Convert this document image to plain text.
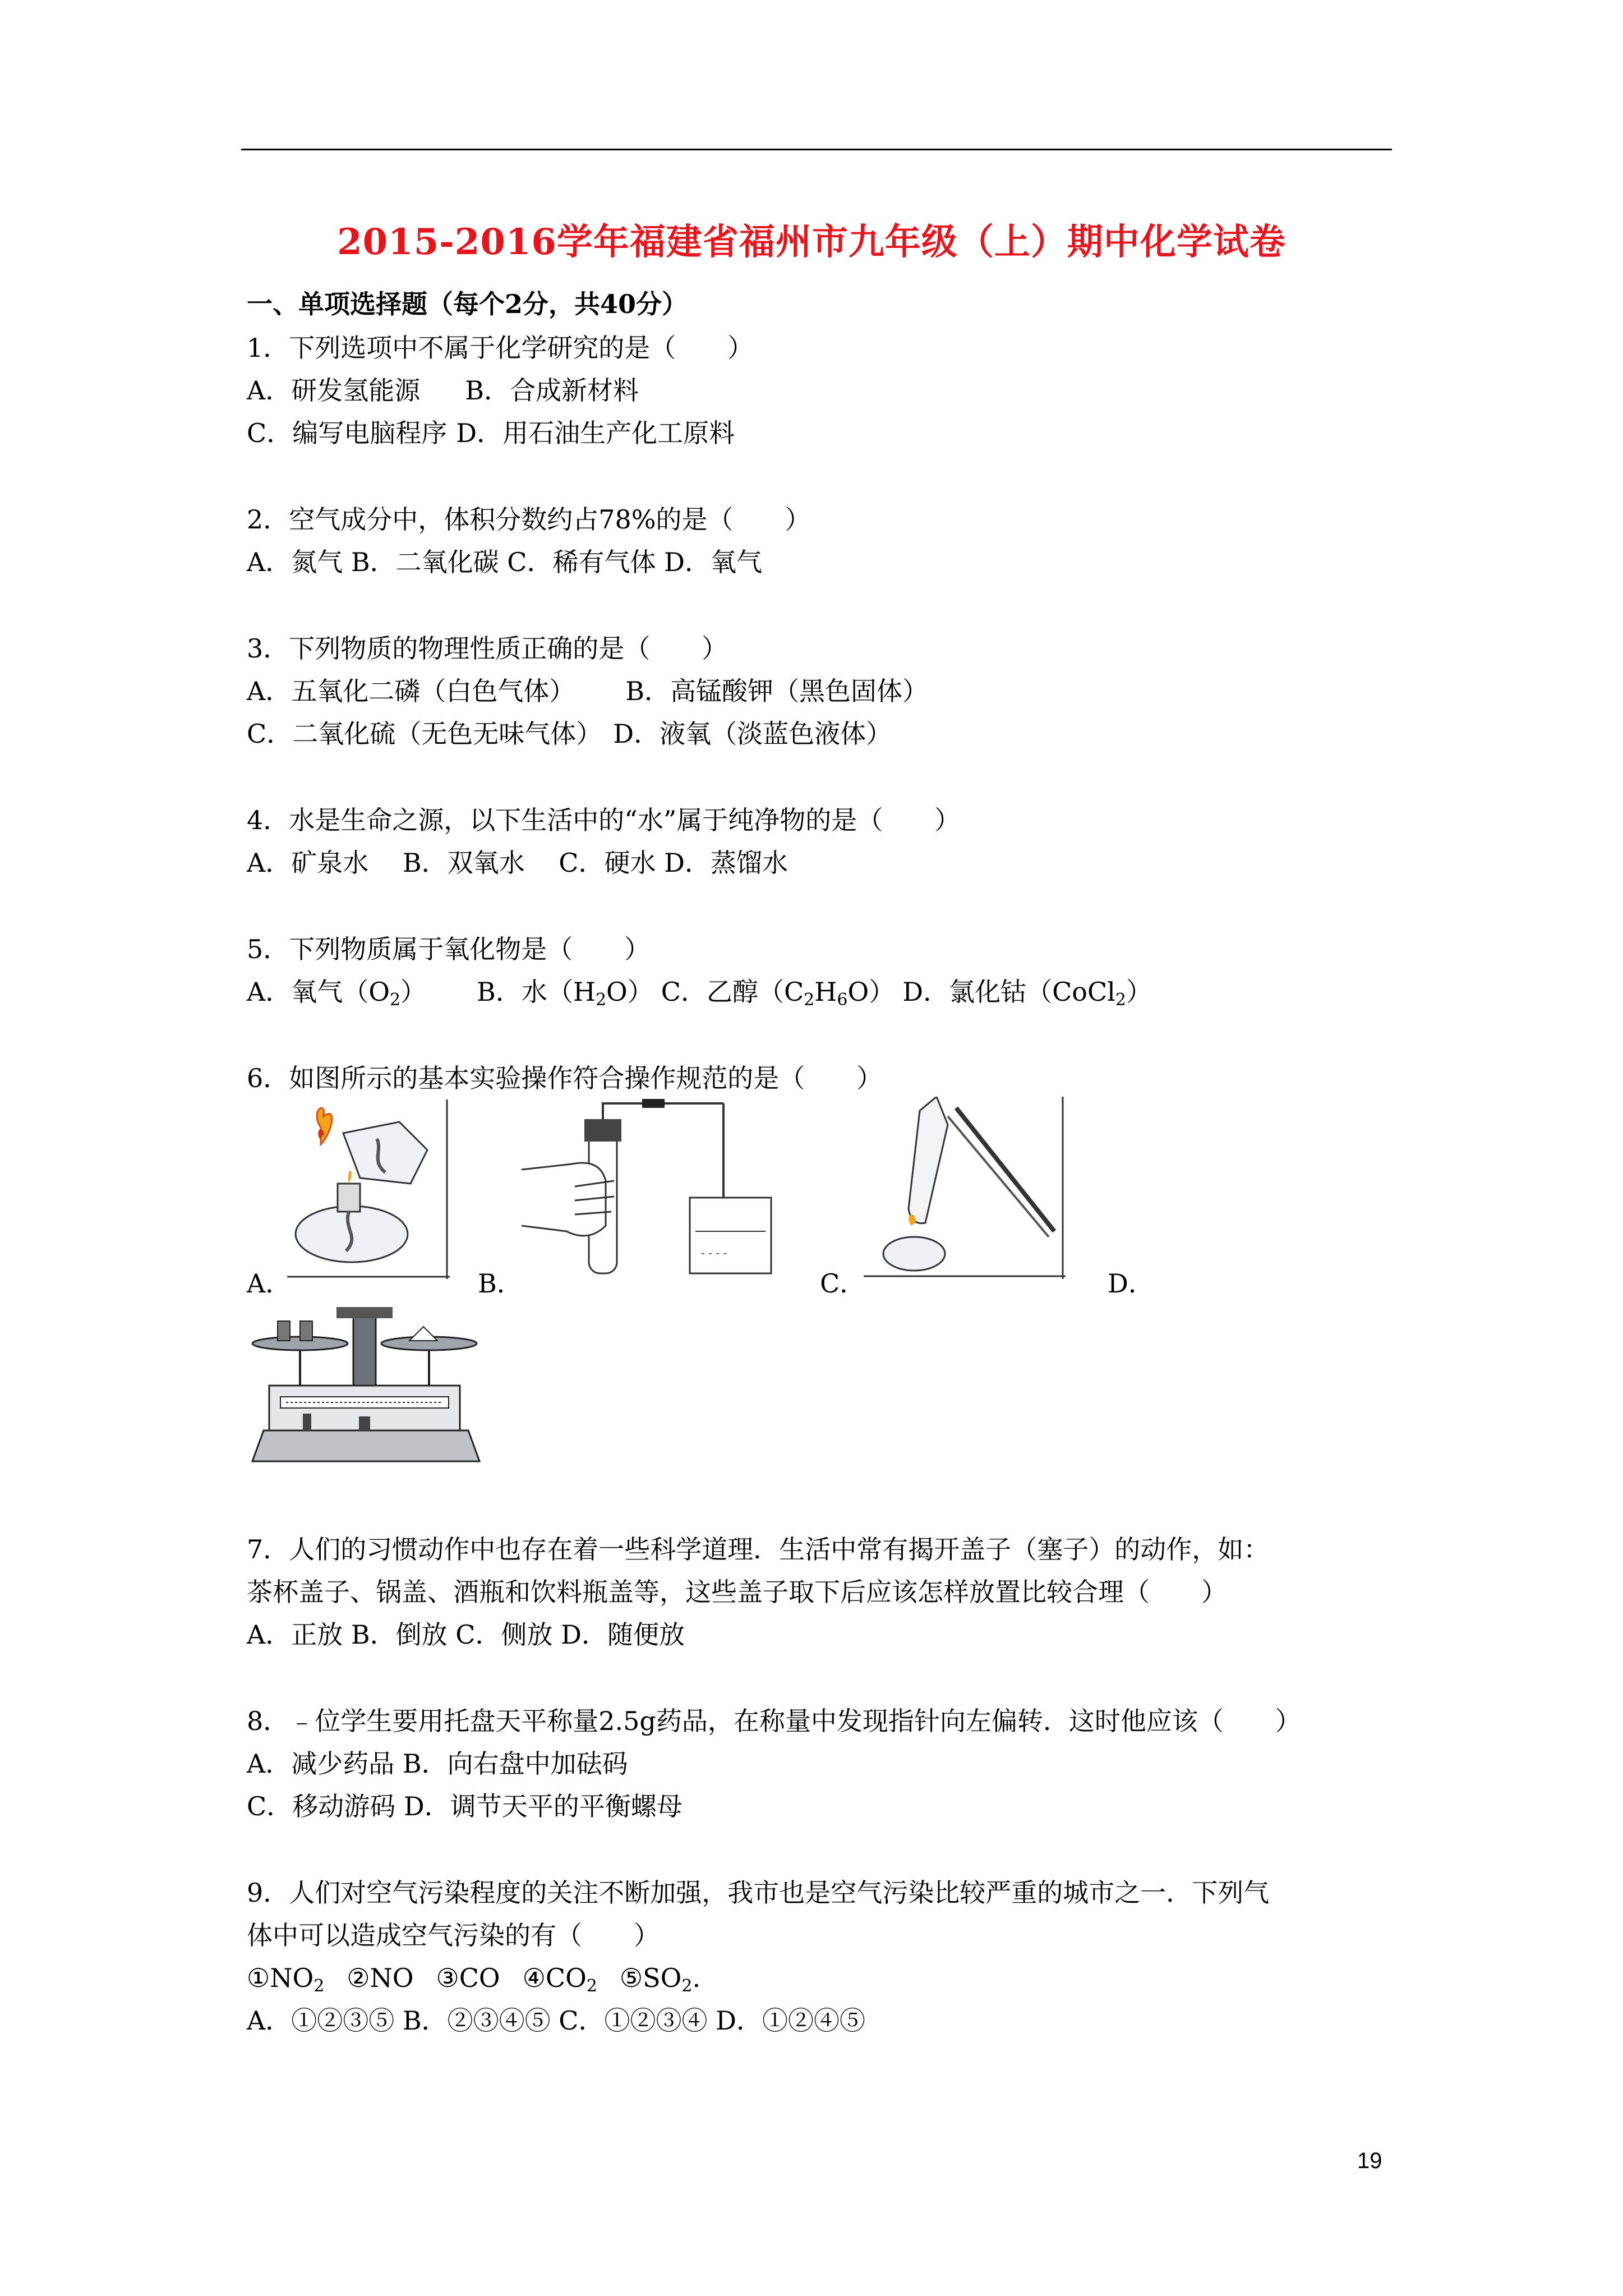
2015-2016学年福建省福州市九年级（上）期中化学试卷
一、单项选择题（每个2分，共40分）
1．下列选项中不属于化学研究的是（　　）
A．研发氢能源 B．合成新材料
C．编写电脑程序 D．用石油生产化工原料
2．空气成分中，体积分数约占78%的是（　　）
A．氮气 B．二氧化碳 C．稀有气体 D．氧气
3．下列物质的物理性质正确的是（　　）
A．五氧化二磷（白色气体） B．高锰酸钾（黑色固体）
C．二氧化硫（无色无味气体） D．液氧（淡蓝色液体）
4．水是生命之源，以下生活中的“水”属于纯净物的是（　　）
A．矿泉水　 B．双氧水　 C．硬水 D．蒸馏水
5．下列物质属于氧化物是（　　）
A．氧气$(O_2)$ B．水$(H_2O)$ C．乙醇$(C_2H_6O)$ D．氯化钴（CoCl$_2$）
6．如图所示的基本实验操作符合操作规范的是（　　）
A．
- - - -
B．	C．	D．
7．人们的习惯动作中也存在着一些科学道理．生活中常有揭开盖子（塞子）的动作，如：
茶杯盖子、锅盖、酒瓶和饮料瓶盖等，这些盖子取下后应该怎样放置比较合理（　　）
A．正放 B．倒放 C．侧放 D．随便放
8．﹣位学生要用托盘天平称量2.5g药品，在称量中发现指针向左偏转．这时他应该（　　）
A．减少药品 B．向右盘中加砝码
C．移动游码 D．调节天平的平衡螺母
9．人们对空气污染程度的关注不断加强，我市也是空气污染比较严重的城市之一．下列气
体中可以造成空气污染的有（　　）
$①NO_2$ ②NO ③CO $④CO_2$ $⑤SO_2$.
A．①②③⑤ B．②③④⑤ C．①②③④ D．①②④⑤
19
